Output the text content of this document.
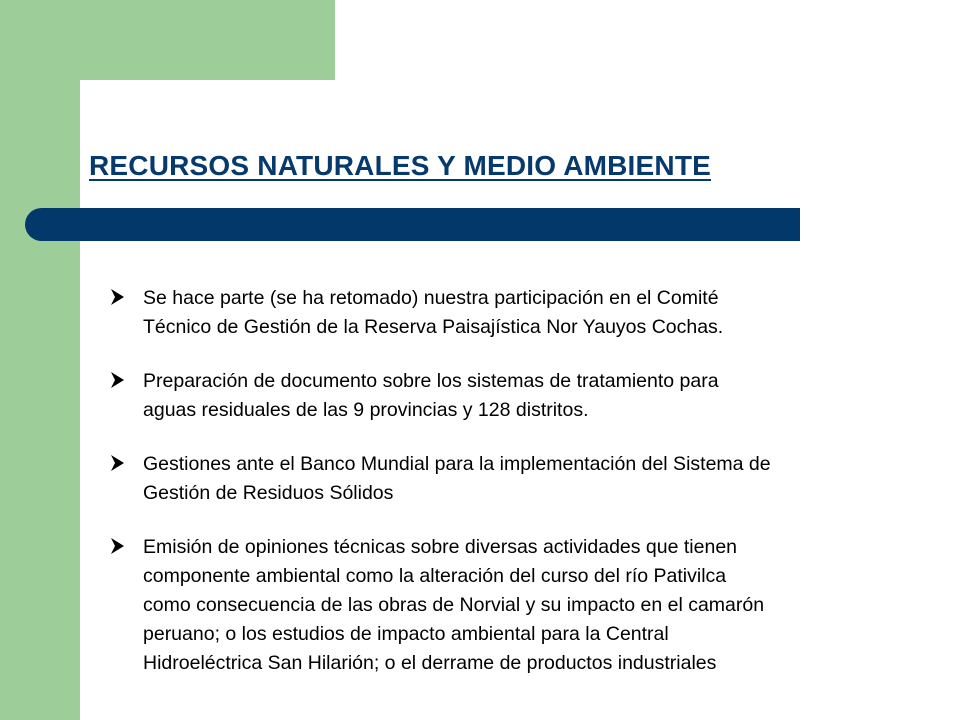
RECURSOS NATURALES Y MEDIO AMBIENTE
Se hace parte (se ha retomado) nuestra participación en el Comité
Técnico de Gestión de la Reserva Paisajística Nor Yauyos Cochas.
Preparación de documento sobre los sistemas de tratamiento para
aguas residuales de las 9 provincias y 128 distritos.
Gestiones ante el Banco Mundial para la implementación del Sistema de
Gestión de Residuos Sólidos
Emisión de opiniones técnicas sobre diversas actividades que tienen
componente ambiental como la alteración del curso del río Pativilca
como consecuencia de las obras de Norvial y su impacto en el camarón
peruano; o los estudios de impacto ambiental para la Central
Hidroeléctrica San Hilarión; o el derrame de productos industriales
